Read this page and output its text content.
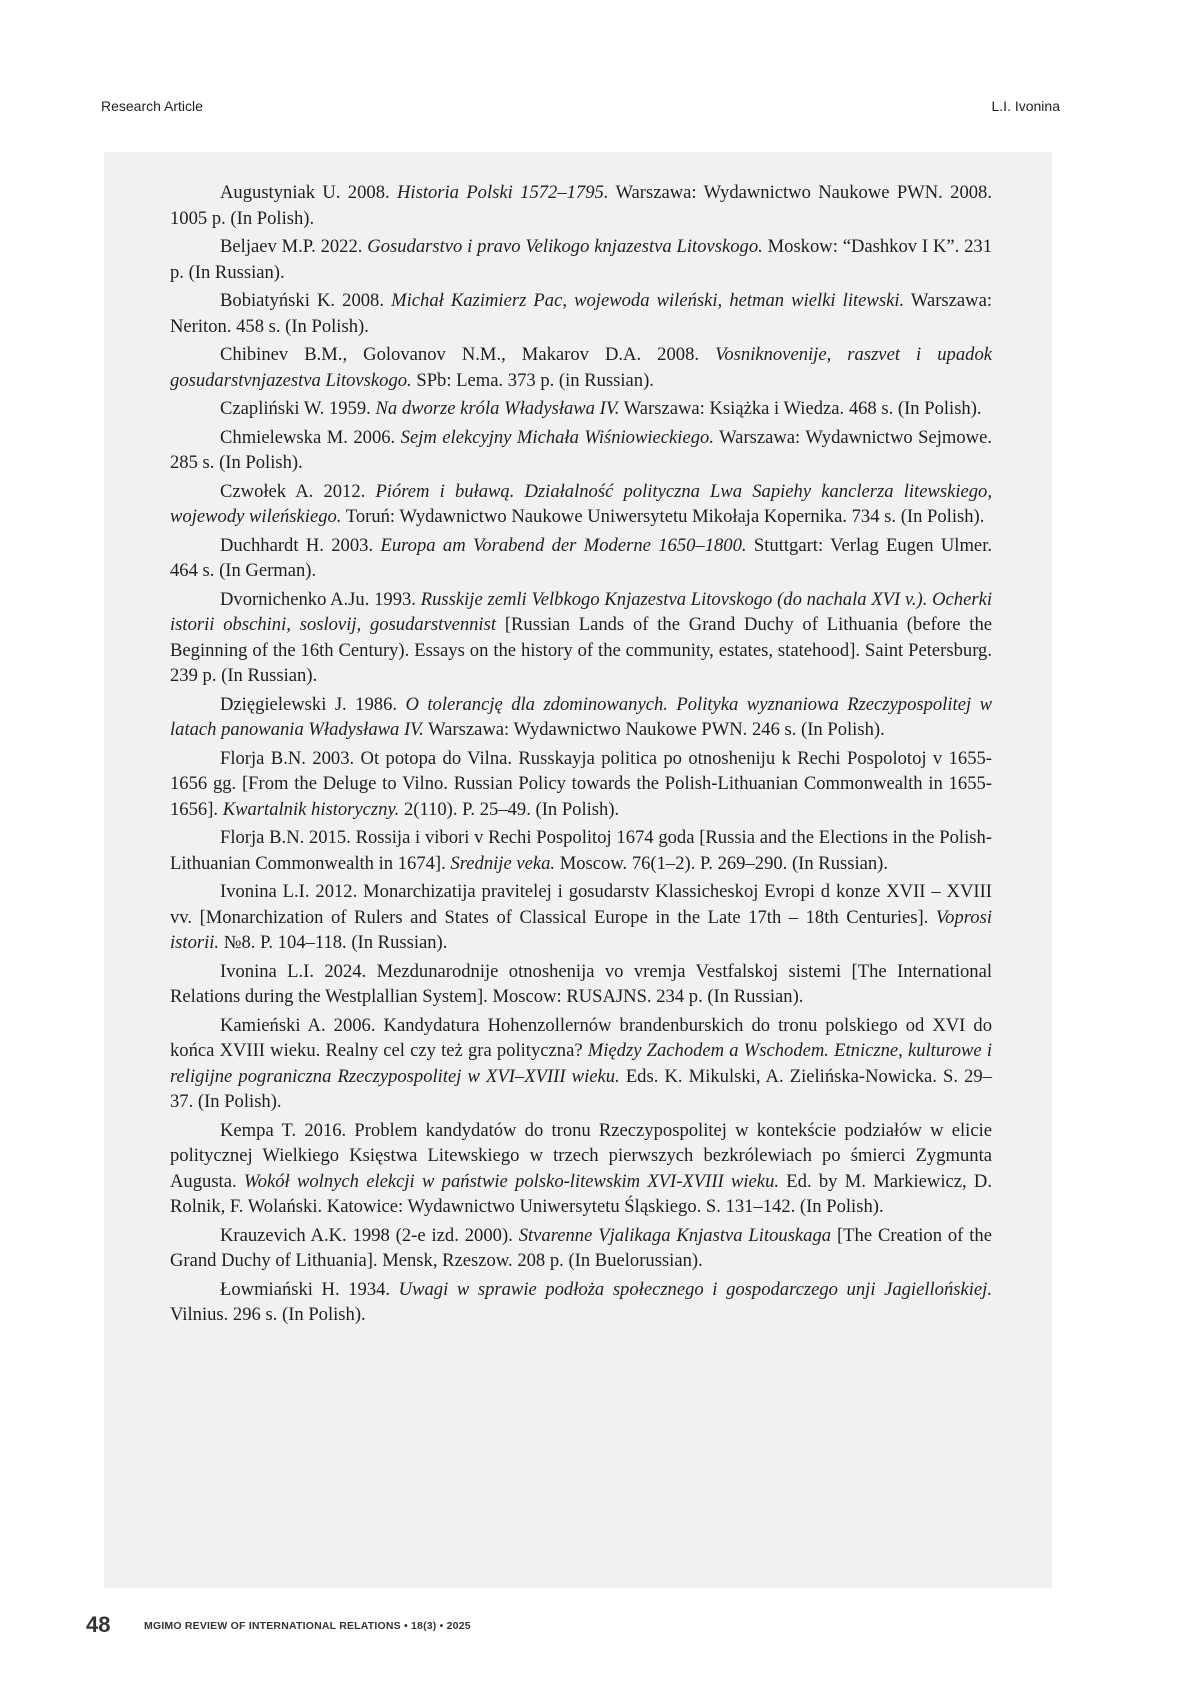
Research Article	L.I. Ivonina

Augustyniak U. 2008. Historia Polski 1572–1795. Warszawa: Wydawnictwo Naukowe PWN. 2008. 1005 p. (In Polish).

Beljaev M.P. 2022. Gosudarstvo i pravo Velikogo knjazestva Litovskogo. Moskow: “Dashkov I K”. 231 p. (In Russian).

Bobiatyński K. 2008. Michał Kazimierz Pac, wojewoda wileński, hetman wielki litewski. Warszawa: Neriton. 458 s. (In Polish).

Chibinev B.M., Golovanov N.M., Makarov D.A. 2008. Vosniknovenije, raszvet i upadok gosudarstvnjazestva Litovskogo. SPb: Lema. 373 p. (in Russian).

Czapliński W. 1959. Na dworze króla Władysława IV. Warszawa: Książka i Wiedza. 468 s. (In Polish).

Chmielewska M. 2006. Sejm elekcyjny Michała Wiśniowieckiego. Warszawa: Wydawnictwo Sejmowe. 285 s. (In Polish).

Czwołek A. 2012. Piórem i buławą. Działalność polityczna Lwa Sapiehy kanclerza litewskiego, wojewody wileńskiego. Toruń: Wydawnictwo Naukowe Uniwersytetu Mikołaja Kopernika. 734 s. (In Polish).

Duchhardt H. 2003. Europa am Vorabend der Moderne 1650–1800. Stuttgart: Verlag Eugen Ulmer. 464 s. (In German).

Dvornichenko A.Ju. 1993. Russkije zemli Velbkogo Knjazestva Litovskogo (do nachala XVI v.). Ocherki istorii obschini, soslovij, gosudarstvennist [Russian Lands of the Grand Duchy of Lithuania (before the Beginning of the 16th Century). Essays on the history of the community, estates, statehood]. Saint Petersburg. 239 p. (In Russian).

Dzięgielewski J. 1986. O tolerancję dla zdominowanych. Polityka wyznaniowa Rzeczypospolitej w latach panowania Władysława IV. Warszawa: Wydawnictwo Naukowe PWN. 246 s. (In Polish).

Florja B.N. 2003. Ot potopa do Vilna. Russkayja politica po otnosheniju k Rechi Pospolotoj v 1655-1656 gg. [From the Deluge to Vilno. Russian Policy towards the Polish-Lithuanian Commonwealth in 1655-1656]. Kwartalnik historyczny. 2(110). P. 25–49. (In Polish).

Florja B.N. 2015. Rossija i vibori v Rechi Pospolitoj 1674 goda [Russia and the Elections in the Polish-Lithuanian Commonwealth in 1674]. Srednije veka. Moscow. 76(1–2). P. 269–290. (In Russian).

Ivonina L.I. 2012. Monarchizatija pravitelej i gosudarstv Klassicheskoj Evropi d konze XVII – XVIII vv. [Monarchization of Rulers and States of Classical Europe in the Late 17th – 18th Centuries]. Voprosi istorii. №8. P. 104–118. (In Russian).

Ivonina L.I. 2024. Mezdunarodnije otnoshenija vo vremja Vestfalskoj sistemi [The International Relations during the Westplallian System]. Moscow: RUSAJNS. 234 p. (In Russian).

Kamieński A. 2006. Kandydatura Hohenzollernów brandenburskich do tronu polskiego od XVI do końca XVIII wieku. Realny cel czy też gra polityczna? Między Zachodem a Wschodem. Etniczne, kulturowe i religijne pograniczna Rzeczypospolitej w XVI–XVIII wieku. Eds. K. Mikulski, A. Zielińska-Nowicka. S. 29–37. (In Polish).

Kempa T. 2016. Problem kandydatów do tronu Rzeczypospolitej w kontekście podziałów w elicie politycznej Wielkiego Księstwa Litewskiego w trzech pierwszych bezkrólewiach po śmierci Zygmunta Augusta. Wokół wolnych elekcji w państwie polsko-litewskim XVI-XVIII wieku. Ed. by M. Markiewicz, D. Rolnik, F. Wolański. Katowice: Wydawnictwo Uniwersytetu Śląskiego. S. 131–142. (In Polish).

Krauzevich A.K. 1998 (2-e izd. 2000). Stvarenne Vjalikaga Knjastva Litouskaga [The Creation of the Grand Duchy of Lithuania]. Mensk, Rzeszow. 208 p. (In Buelorussian).

Łowmiański H. 1934. Uwagi w sprawie podłoża społecznego i gospodarczego unji Jagiellońskiej. Vilnius. 296 s. (In Polish).

48	MGIMO REVIEW OF INTERNATIONAL RELATIONS • 18(3) • 2025
